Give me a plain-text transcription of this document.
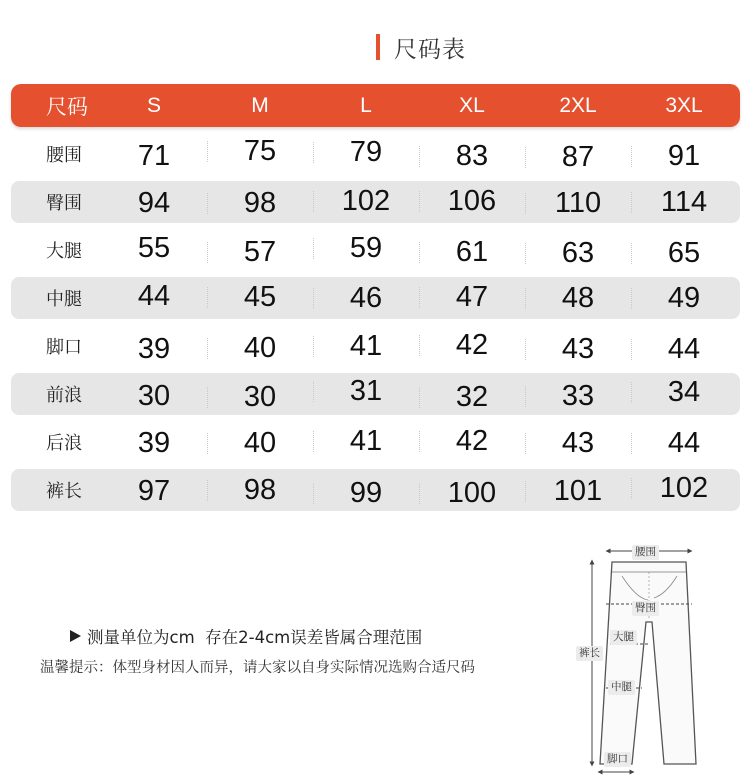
尺码表
尺码	S	M	L	XL	2XL	3XL
腰围	71	75	79	83	87	91
臀围	94	98	102	106	110	114
大腿	55	57	59	61	63	65
中腿	44	45	46	47	48	49
脚口	39	40	41	42	43	44
前浪	30	30	31	32	33	34
后浪	39	40	41	42	43	44
裤长	97	98	99	100	101	102
测量单位为cm  存在2-4cm误差皆属合理范围
温馨提示：体型身材因人而异，请大家以自身实际情况选购合适尺码
腰围
臀围
裤长
大腿
中腿
脚口
